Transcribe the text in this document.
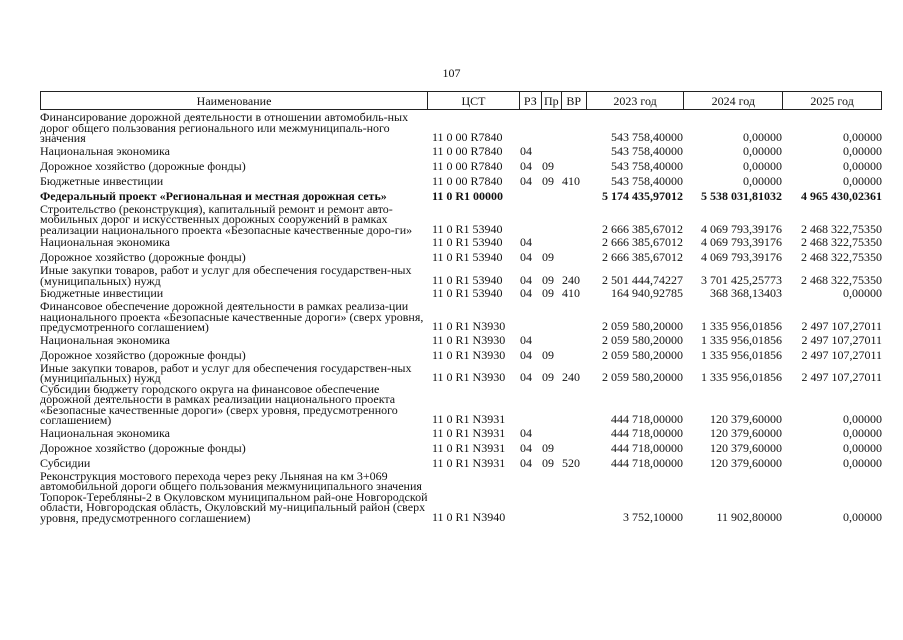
107
Наименование	ЦСТ	РЗ Пр ВР	2023 год	2024 год	2025 год
Финансирование дорожной деятельности в отношении автомобиль-ных дорог общего пользования регионального или межмуниципаль-ного значения	11 0 00 R7840	543 758,40000	0,00000	0,00000
Национальная экономика	11 0 00 R7840	04	543 758,40000	0,00000	0,00000
Дорожное хозяйство (дорожные фонды)	11 0 00 R7840	04 09	543 758,40000	0,00000	0,00000
Бюджетные инвестиции	11 0 00 R7840	04 09 410	543 758,40000	0,00000	0,00000
Федеральный проект «Региональная и местная дорожная сеть»	11 0 R1 00000	5 174 435,97012	5 538 031,81032	4 965 430,02361
Строительство (реконструкция), капитальный ремонт и ремонт авто-мобильных дорог и искусственных дорожных сооружений в рамках реализации национального проекта «Безопасные качественные доро-ги»	11 0 R1 53940	2 666 385,67012	4 069 793,39176	2 468 322,75350
Национальная экономика	11 0 R1 53940	04	2 666 385,67012	4 069 793,39176	2 468 322,75350
Дорожное хозяйство (дорожные фонды)	11 0 R1 53940	04 09	2 666 385,67012	4 069 793,39176	2 468 322,75350
Иные закупки товаров, работ и услуг для обеспечения государствен-ных (муниципальных) нужд	11 0 R1 53940	04 09 240	2 501 444,74227	3 701 425,25773	2 468 322,75350
Бюджетные инвестиции	11 0 R1 53940	04 09 410	164 940,92785	368 368,13403	0,00000
Финансовое обеспечение дорожной деятельности в рамках реализа-ции национального проекта «Безопасные качественные дороги» (сверх уровня, предусмотренного соглашением)	11 0 R1 N3930	2 059 580,20000	1 335 956,01856	2 497 107,27011
Национальная экономика	11 0 R1 N3930	04	2 059 580,20000	1 335 956,01856	2 497 107,27011
Дорожное хозяйство (дорожные фонды)	11 0 R1 N3930	04 09	2 059 580,20000	1 335 956,01856	2 497 107,27011
Иные закупки товаров, работ и услуг для обеспечения государствен-ных (муниципальных) нужд	11 0 R1 N3930	04 09 240	2 059 580,20000	1 335 956,01856	2 497 107,27011
Субсидии бюджету городского округа на финансовое обеспечение дорожной деятельности в рамках реализации национального проекта «Безопасные качественные дороги» (сверх уровня, предусмотренного соглашением)	11 0 R1 N3931	444 718,00000	120 379,60000	0,00000
Национальная экономика	11 0 R1 N3931	04	444 718,00000	120 379,60000	0,00000
Дорожное хозяйство (дорожные фонды)	11 0 R1 N3931	04 09	444 718,00000	120 379,60000	0,00000
Субсидии	11 0 R1 N3931	04 09 520	444 718,00000	120 379,60000	0,00000
Реконструкция мостового перехода через реку Льняная на км 3+069 автомобильной дороги общего пользования межмуниципального значения Топорок-Теребляны-2 в Окуловском муниципальном рай-оне Новгородской области, Новгородская область, Окуловский му-ниципальный район (сверх уровня, предусмотренного соглашением)	11 0 R1 N3940	3 752,10000	11 902,80000	0,00000
